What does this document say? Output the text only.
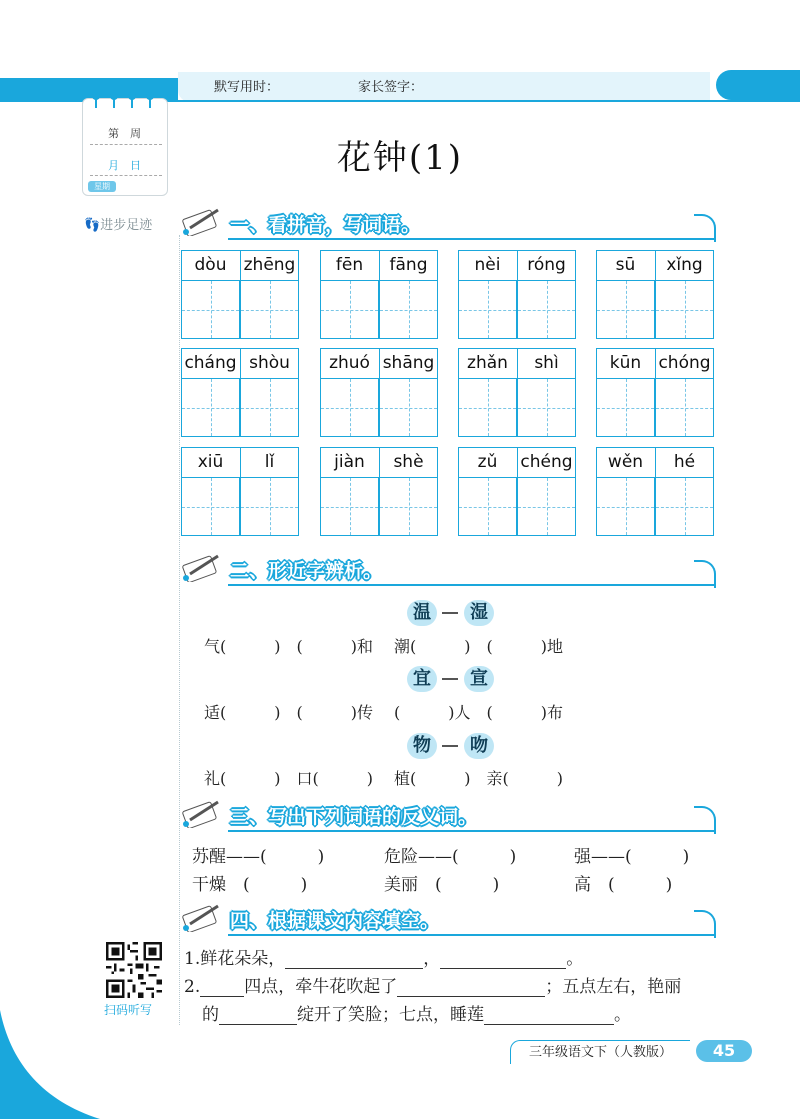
默写用时：	家长签字：
第　周
月　日
星期
👣进步足迹
花钟(1)
一、看拼音，写词语。
dòu	zhēng	fēn	fāng	nèi	róng	sū	xǐng
cháng shòu	zhuó shāng	zhǎn	shì	kūn	chóng
xiū	lǐ	jiàn	shè	zǔ	chéng	wěn	hé
二、形近字辨析。
温	湿
气(　　　)　(　　　)和　 潮(　　　)　(　　　)地
宜	宣
适(　　　)　(　　　)传　 (　　　)人　(　　　)布
物	吻
礼(　　　)　口(　　　)　 植(　　　)　亲(　　　)
三、写出下列词语的反义词。
苏醒——(　　　)	危险——(　　　)	强——(　　　)
干燥　(　　　)	美丽　(　　　)	高　(　　　)
四、根据课文内容填空。
1.鲜花朵朵，	，	。
2.	四点，牵牛花吹起了	；五点左右，艳丽
的	绽开了笑脸；七点，睡莲	。
扫码听写
三年级语文下（人教版）	45
